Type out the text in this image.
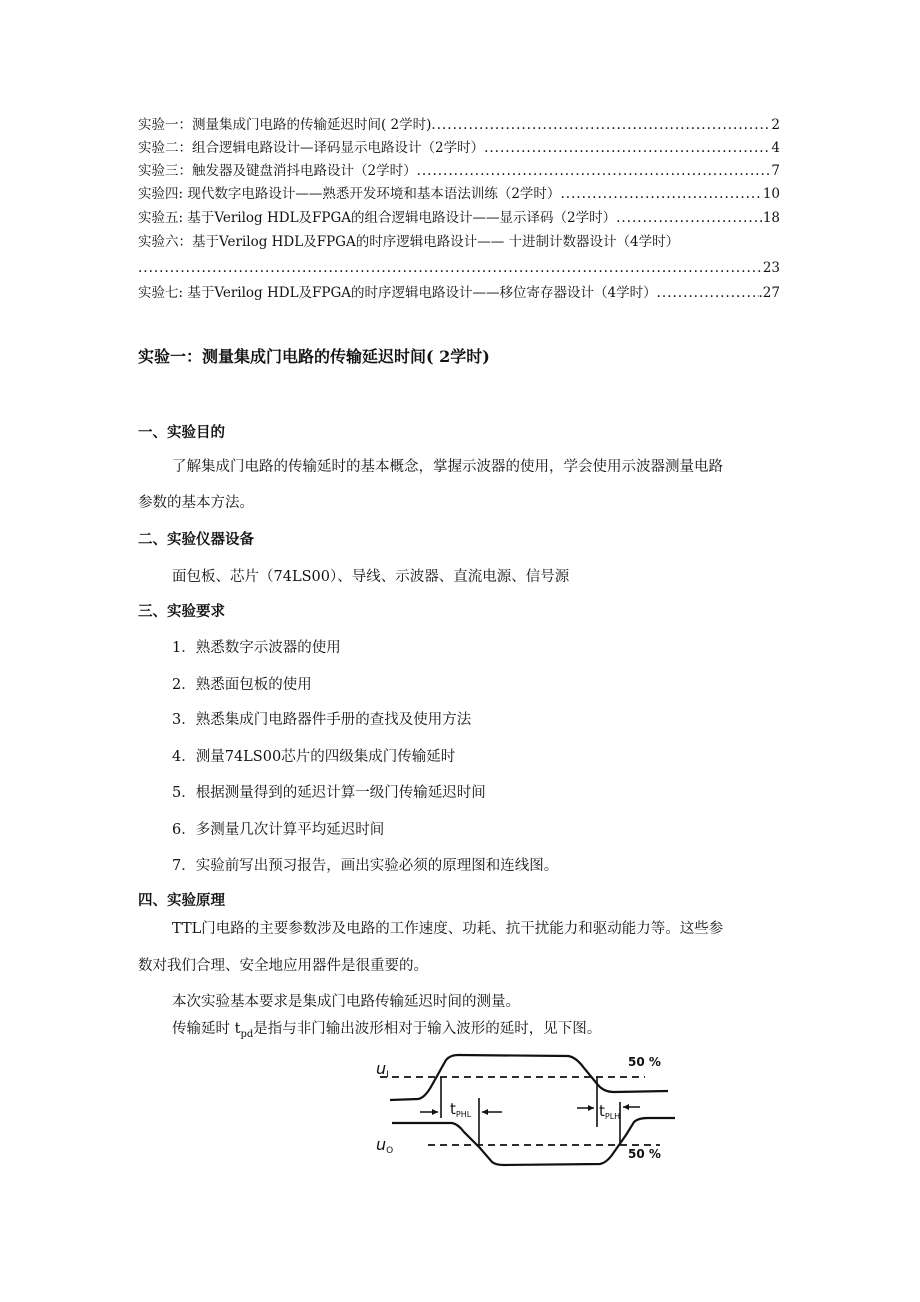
实验一：测量集成门电路的传输延迟时间( 2学时) .....	2
实验二：组合逻辑电路设计—译码显示电路设计（2学时） .....	4
实验三：触发器及键盘消抖电路设计（2学时） .....	7
实验四: 现代数字电路设计——熟悉开发环境和基本语法训练（2学时） .....	10
实验五: 基于Verilog HDL及FPGA的组合逻辑电路设计——显示译码（2学时） .....	18
实验六：基于Verilog HDL及FPGA的时序逻辑电路设计—— 十进制计数器设计（4学时）
.....
23
实验七: 基于Verilog HDL及FPGA的时序逻辑电路设计——移位寄存器设计（4学时） .....	.27
实验一：测量集成门电路的传输延迟时间( 2学时)
一、实验目的
了解集成门电路的传输延时的基本概念，掌握示波器的使用，学会使用示波器测量电路
参数的基本方法。
二、实验仪器设备
面包板、芯片（74LS00）、导线、示波器、直流电源、信号源
三、实验要求
1．熟悉数字示波器的使用
2．熟悉面包板的使用
3．熟悉集成门电路器件手册的查找及使用方法
4．测量74LS00芯片的四级集成门传输延时
5．根据测量得到的延迟计算一级门传输延迟时间
6．多测量几次计算平均延迟时间
7．实验前写出预习报告，画出实验必须的原理图和连线图。
四、实验原理
TTL门电路的主要参数涉及电路的工作速度、功耗、抗干扰能力和驱动能力等。这些参
数对我们合理、安全地应用器件是很重要的。
本次实验基本要求是集成门电路传输延迟时间的测量。
传输延时 $t_{pd}$是指与非门输出波形相对于输入波形的延时，见下图。
uI
uO
50 %
50 %
$t_{PHL}$	$t_{PLH}$
